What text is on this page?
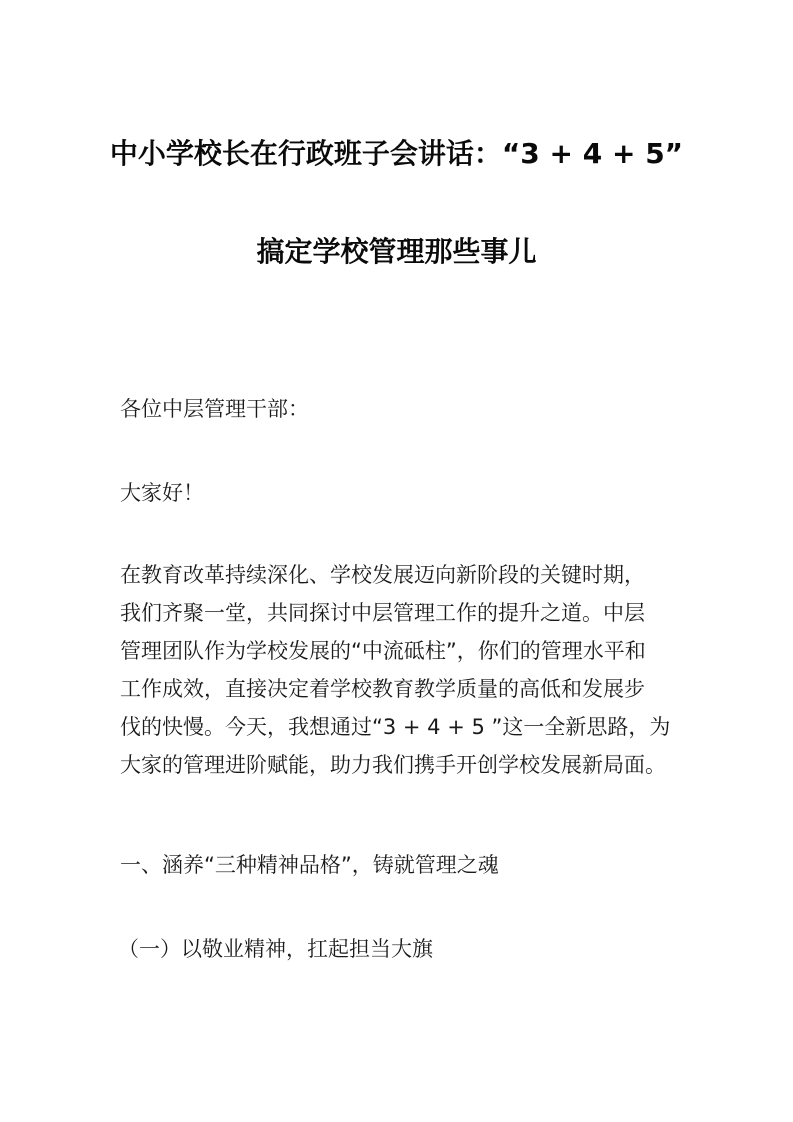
中小学校长在行政班子会讲话：“3 + 4 + 5”
搞定学校管理那些事儿
各位中层管理干部：
大家好！
在教育改革持续深化、学校发展迈向新阶段的关键时期，
我们齐聚一堂，共同探讨中层管理工作的提升之道。中层
管理团队作为学校发展的“中流砥柱”，你们的管理水平和
工作成效，直接决定着学校教育教学质量的高低和发展步
伐的快慢。今天，我想通过“3 + 4 + 5 ”这一全新思路，为
大家的管理进阶赋能，助力我们携手开创学校发展新局面。
一、涵养“三种精神品格”，铸就管理之魂
（一）以敬业精神，扛起担当大旗
